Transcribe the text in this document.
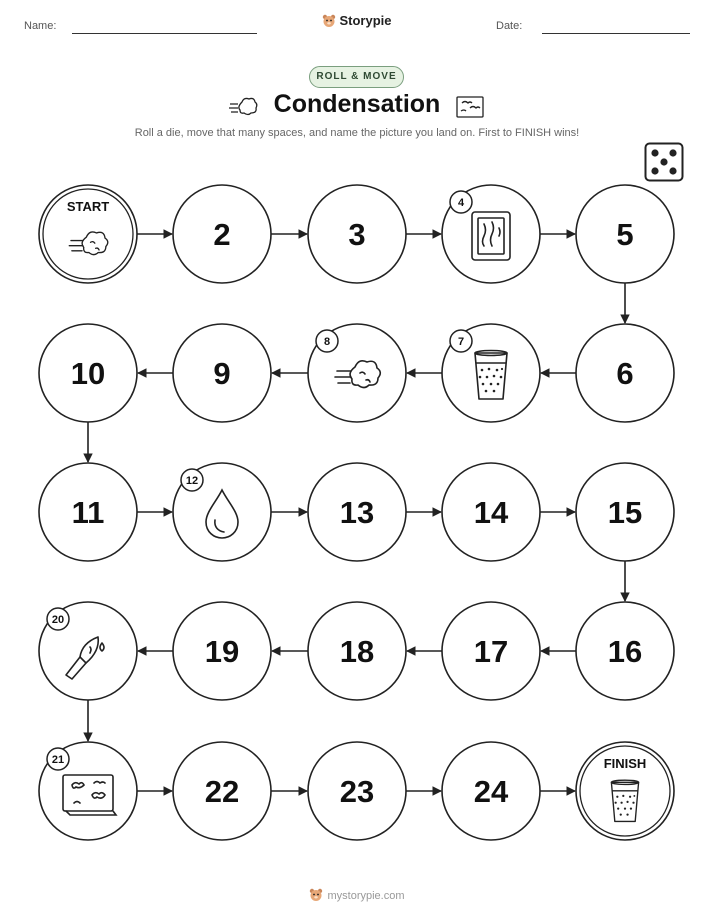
Name:	Storypie	Date:
ROLL & MOVE
Condensation
Roll a die, move that many spaces, and name the picture you land on. First to FINISH wins!
START
2	3
4
5
6
7
8
9
10
11
12
13	14	15
16
17
18
19
20
21
22	23	24
FINISH
mystorypie.com
